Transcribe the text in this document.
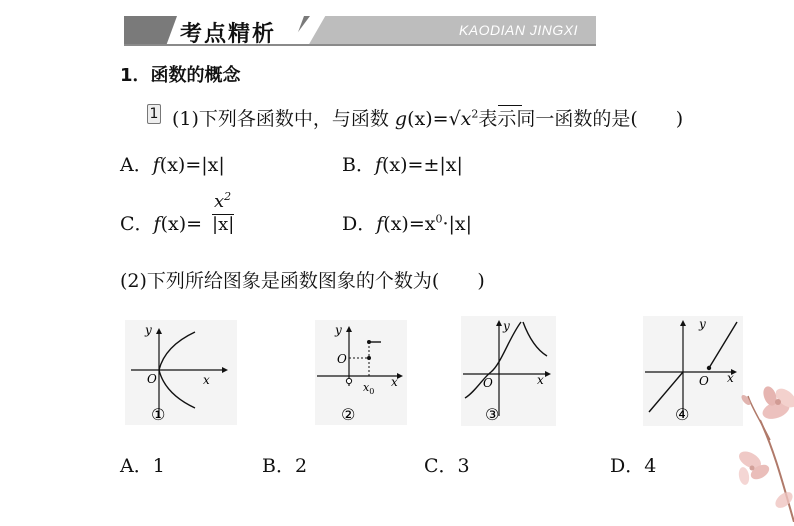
考点精析	KAODIAN JINGXI
1．函数的概念
1 (1)下列各函数中，与函数 $g(x)=√x^2$表示同一函数的是(　　)
A．f(x)=|x|	B．f(x)=±|x|
C．f(x)=
$x^2$
|x|	D．$f(x)=x^0\cdot|x|$
(2)下列所给图象是函数图象的个数为(　　)
y
x
O
①
y
O
$x_0$
x
②
y
O	x
③
y
O x
④
A．1	B．2	C．3	D．4
